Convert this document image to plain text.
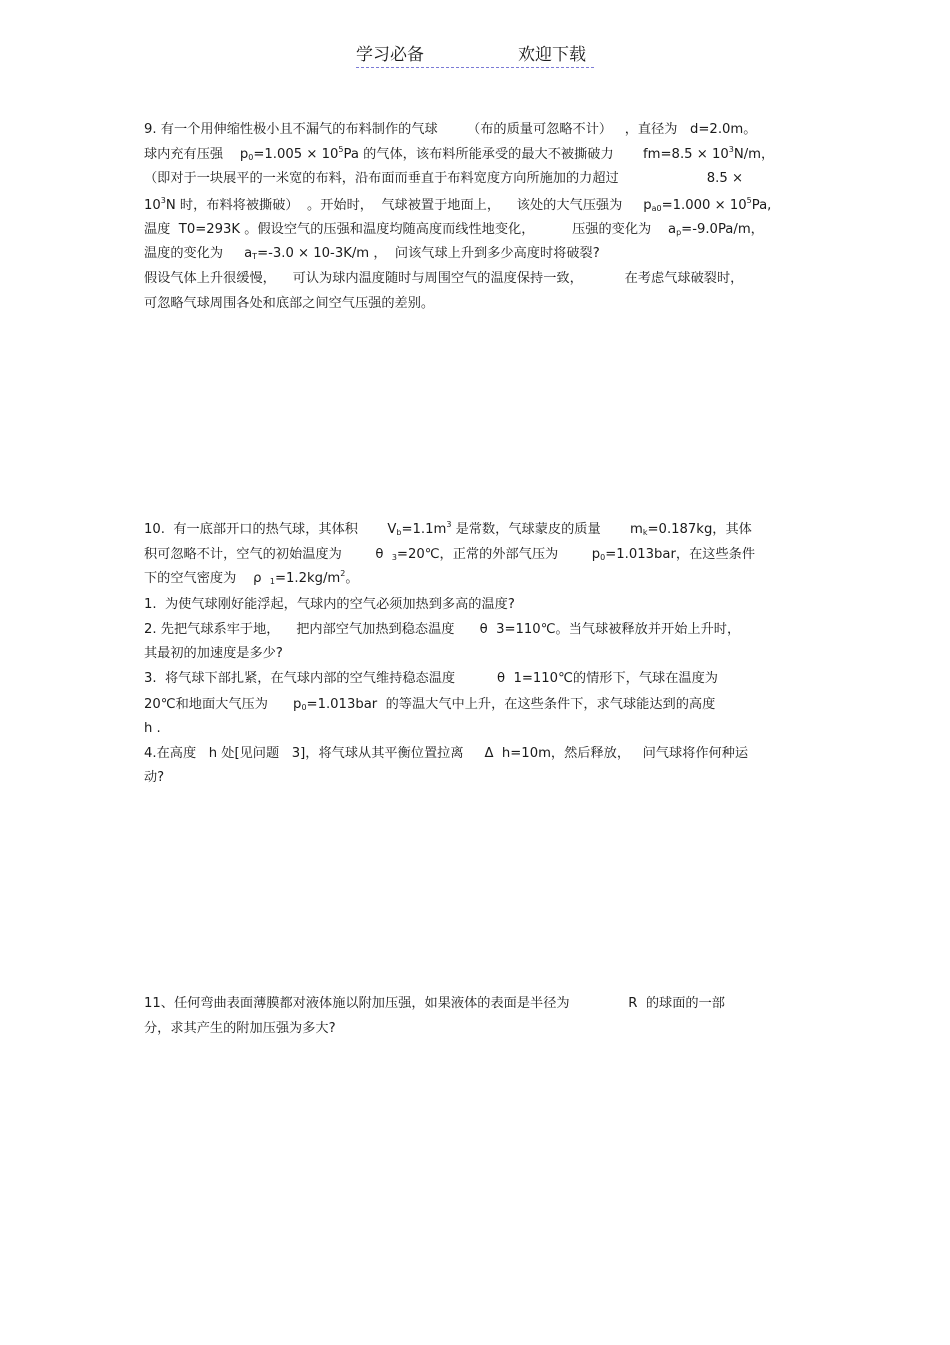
学习必备	欢迎下载
9. 有一个用伸缩性极小且不漏气的布料制作的气球       （布的质量可忽略不计）   ，直径为   d=2.0m。
球内充有压强    $p_0=1.005 \times 10^5Pa$ 的气体，该布料所能承受的最大不被撕破力       $fm=8.5 \times 10^3N/m$，
（即对于一块展平的一米宽的布料，沿布面而垂直于布料宽度方向所施加的力超过                     8.5 ×
$10^3N$ 时，布料将被撕破）  。开始时，  气球被置于地面上，    该处的大气压强为     $p_{a0}=1.000 \times 10^5Pa$,
温度  T0=293K 。假设空气的压强和温度均随高度而线性地变化，         压强的变化为    $a_p=-9.0Pa/m$，
温度的变化为     $a_T=-3.0 \times 10-3K/m$ ，  问该气球上升到多少高度时将破裂?
假设气体上升很缓慢，    可认为球内温度随时与周围空气的温度保持一致，          在考虑气球破裂时，
可忽略气球周围各处和底部之间空气压强的差别。
10.  有一底部开口的热气球，其体积       $V_b=1.1m^3$ 是常数，气球蒙皮的质量       $m_k=0.187kg$，其体
积可忽略不计，空气的初始温度为        θ  $_3$=20℃，正常的外部气压为        $p_0=1.013bar$，在这些条件
下的空气密度为    ρ  $_1=1.2kg/m^2$。
1.  为使气球刚好能浮起，气球内的空气必须加热到多高的温度?
2. 先把气球系牢于地，    把内部空气加热到稳态温度      θ  3=110℃。当气球被释放并开始上升时，
其最初的加速度是多少?
3.  将气球下部扎紧，在气球内部的空气维持稳态温度          θ  1=110℃的情形下，气球在温度为
20℃和地面大气压为      $p_0=1.013bar$  的等温大气中上升，在这些条件下，求气球能达到的高度
h .
4.在高度   h 处[见问题   3]，将气球从其平衡位置拉离     Δ  h=10m，然后释放，   问气球将作何种运
动?
11、任何弯曲表面薄膜都对液体施以附加压强，如果液体的表面是半径为              R  的球面的一部
分，求其产生的附加压强为多大?
